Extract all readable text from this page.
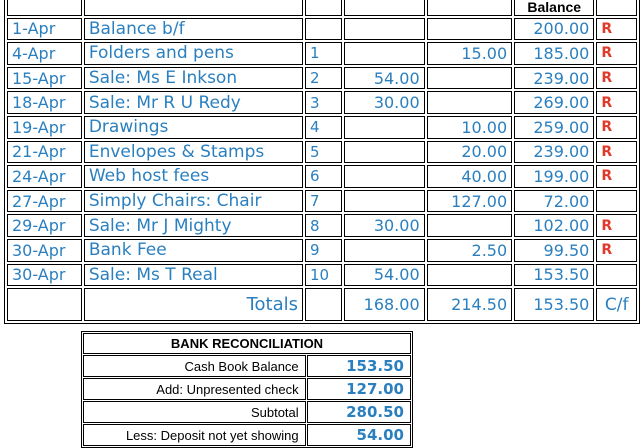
					Balance	
1-Apr	Balance b/f				200.00	R
4-Apr	Folders and pens	1		15.00	185.00	R
15-Apr	Sale: Ms E Inkson	2	54.00		239.00	R
18-Apr	Sale: Mr R U Redy	3	30.00		269.00	R
19-Apr	Drawings	4		10.00	259.00	R
21-Apr	Envelopes & Stamps	5		20.00	239.00	R
24-Apr	Web host fees	6		40.00	199.00	R
27-Apr	Simply Chairs: Chair	7		127.00	72.00	
29-Apr	Sale: Mr J Mighty	8	30.00		102.00	R
30-Apr	Bank Fee	9		2.50	99.50	R
30-Apr	Sale: Ms T Real	10	54.00		153.50	
	Totals		168.00	214.50	153.50	C/f
BANK RECONCILIATION	
Cash Book Balance	153.50
Add: Unpresented check	127.00
Subtotal	280.50
Less: Deposit not yet showing	54.00
